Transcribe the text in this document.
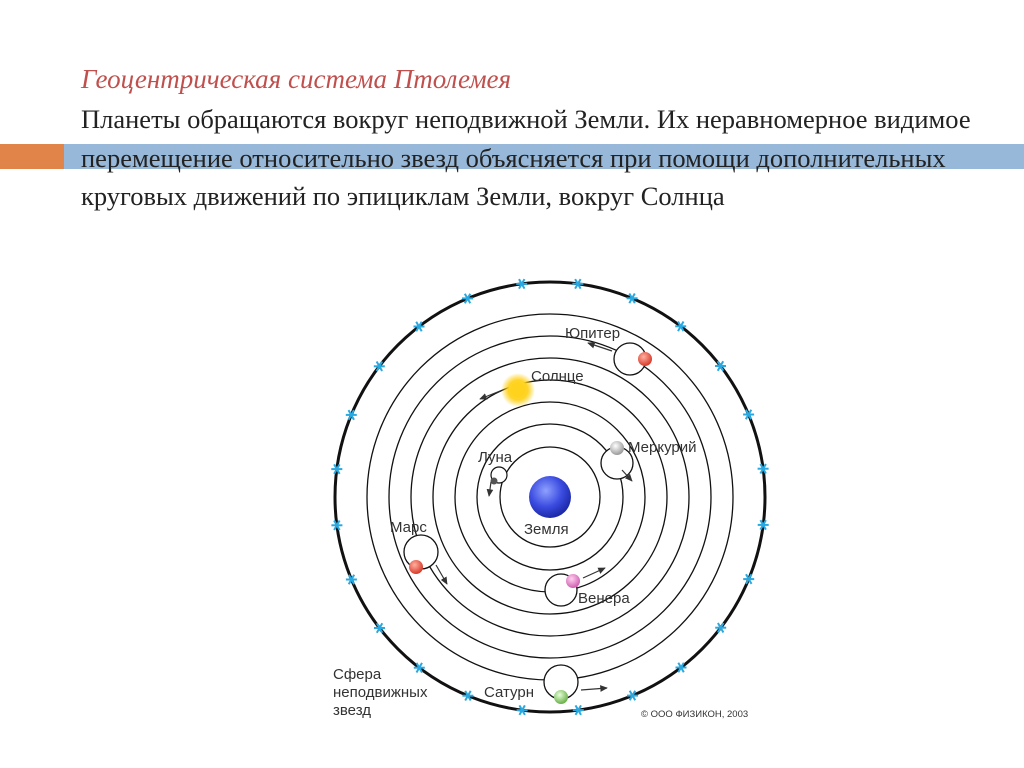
Геоцентрическая система Птолемея
Планеты обращаются вокруг неподвижной Земли. Их неравномерное видимое перемещение относительно звезд объясняется при помощи дополнительных круговых движений по эпициклам Земли, вокруг Солнца
Земля
Луна
Меркурий
Венера
Солнце
Марс
Юпитер
Сатурн
Сфера
неподвижных
звезд	© ООО ФИЗИКОН, 2003
